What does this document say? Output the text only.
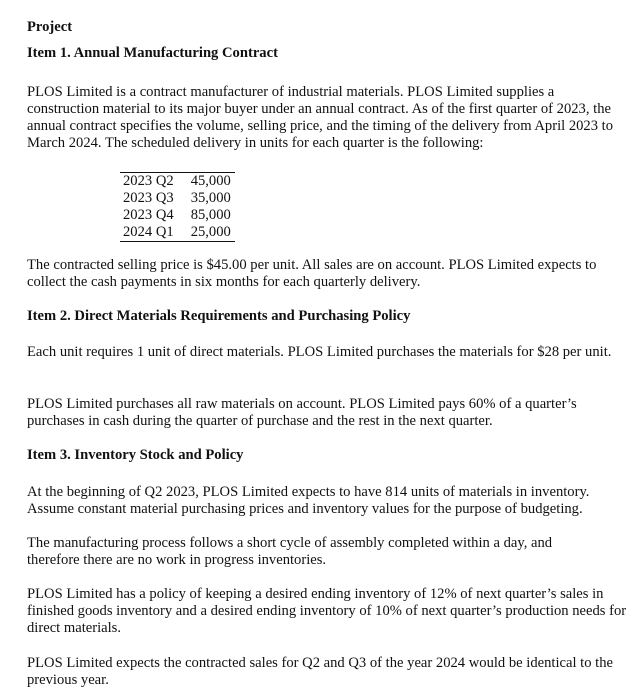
Project

Item 1. Annual Manufacturing Contract

PLOS Limited is a contract manufacturer of industrial materials. PLOS Limited supplies a construction material to its major buyer under an annual contract. As of the first quarter of 2023, the annual contract specifies the volume, selling price, and the timing of the delivery from April 2023 to March 2024. The scheduled delivery in units for each quarter is the following:

2023 Q2	45,000
2023 Q3	35,000
2023 Q4	85,000
2024 Q1	25,000

The contracted selling price is $45.00 per unit. All sales are on account. PLOS Limited expects to collect the cash payments in six months for each quarterly delivery.

Item 2. Direct Materials Requirements and Purchasing Policy

Each unit requires 1 unit of direct materials. PLOS Limited purchases the materials for $28 per unit.

PLOS Limited purchases all raw materials on account. PLOS Limited pays 60% of a quarter’s purchases in cash during the quarter of purchase and the rest in the next quarter.

Item 3. Inventory Stock and Policy

At the beginning of Q2 2023, PLOS Limited expects to have 814 units of materials in inventory. Assume constant material purchasing prices and inventory values for the purpose of budgeting.

The manufacturing process follows a short cycle of assembly completed within a day, and therefore there are no work in progress inventories.

PLOS Limited has a policy of keeping a desired ending inventory of 12% of next quarter’s sales in finished goods inventory and a desired ending inventory of 10% of next quarter’s production needs for direct materials.

PLOS Limited expects the contracted sales for Q2 and Q3 of the year 2024 would be identical to the previous year.
